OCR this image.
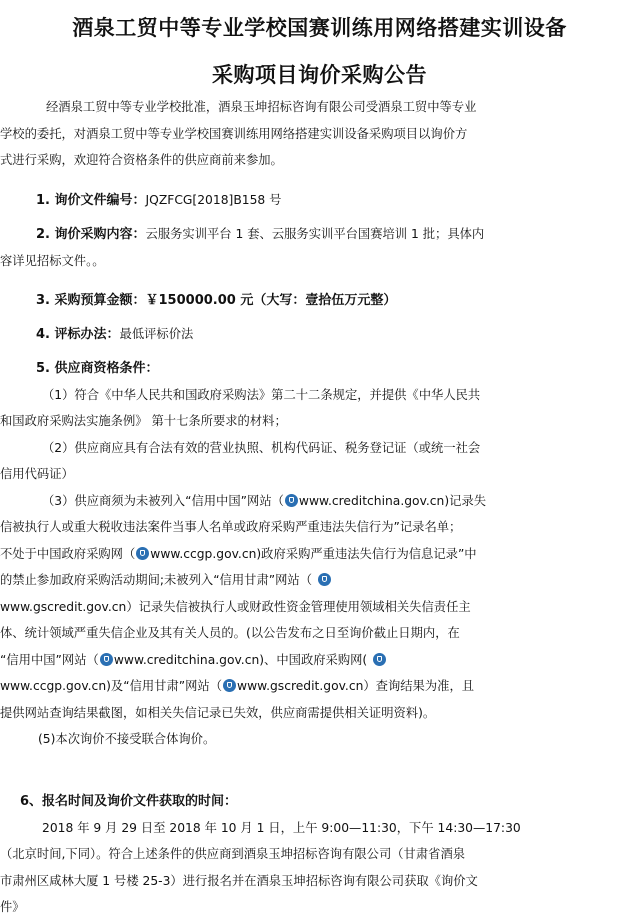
酒泉工贸中等专业学校国赛训练用网络搭建实训设备
采购项目询价采购公告
经酒泉工贸中等专业学校批准，酒泉玉坤招标咨询有限公司受酒泉工贸中等专业
学校的委托，对酒泉工贸中等专业学校国赛训练用网络搭建实训设备采购项目以询价方
式进行采购，欢迎符合资格条件的供应商前来参加。
1. 询价文件编号：JQZFCG[2018]B158 号
2. 询价采购内容：云服务实训平台 1 套、云服务实训平台国赛培训 1 批；具体内
容详见招标文件。。
3. 采购预算金额：￥150000.00 元（大写：壹拾伍万元整）
4. 评标办法：最低评标价法
5. 供应商资格条件：
（1）符合《中华人民共和国政府采购法》第二十二条规定，并提供《中华人民共
和国政府采购法实施条例》 第十七条所要求的材料；
（2）供应商应具有合法有效的营业执照、机构代码证、税务登记证（或统一社会
信用代码证）
（3）供应商须为未被列入“信用中国”网站（ www.creditchina.gov.cn)记录失
信被执行人或重大税收违法案件当事人名单或政府采购严重违法失信行为”记录名单；
不处于中国政府采购网（ www.ccgp.gov.cn)政府采购严重违法失信行为信息记录”中
的禁止参加政府采购活动期间;未被列入“信用甘肃”网站（
www.gscredit.gov.cn）记录失信被执行人或财政性资金管理使用领域相关失信责任主
体、统计领域严重失信企业及其有关人员的。(以公告发布之日至询价截止日期内，在
“信用中国”网站（ www.creditchina.gov.cn)、中国政府采购网(
www.ccgp.gov.cn)及“信用甘肃”网站（ www.gscredit.gov.cn）查询结果为准，且
提供网站查询结果截图，如相关失信记录已失效，供应商需提供相关证明资料)。
(5)本次询价不接受联合体询价。
6、报名时间及询价文件获取的时间：
2018 年 9 月 29 日至 2018 年 10 月 1 日，上午 9:00—11:30，下午 14:30—17:30
（北京时间,下同）。符合上述条件的供应商到酒泉玉坤招标咨询有限公司（甘肃省酒泉
市肃州区咸林大厦 1 号楼 25-3）进行报名并在酒泉玉坤招标咨询有限公司获取《询价文
件》
